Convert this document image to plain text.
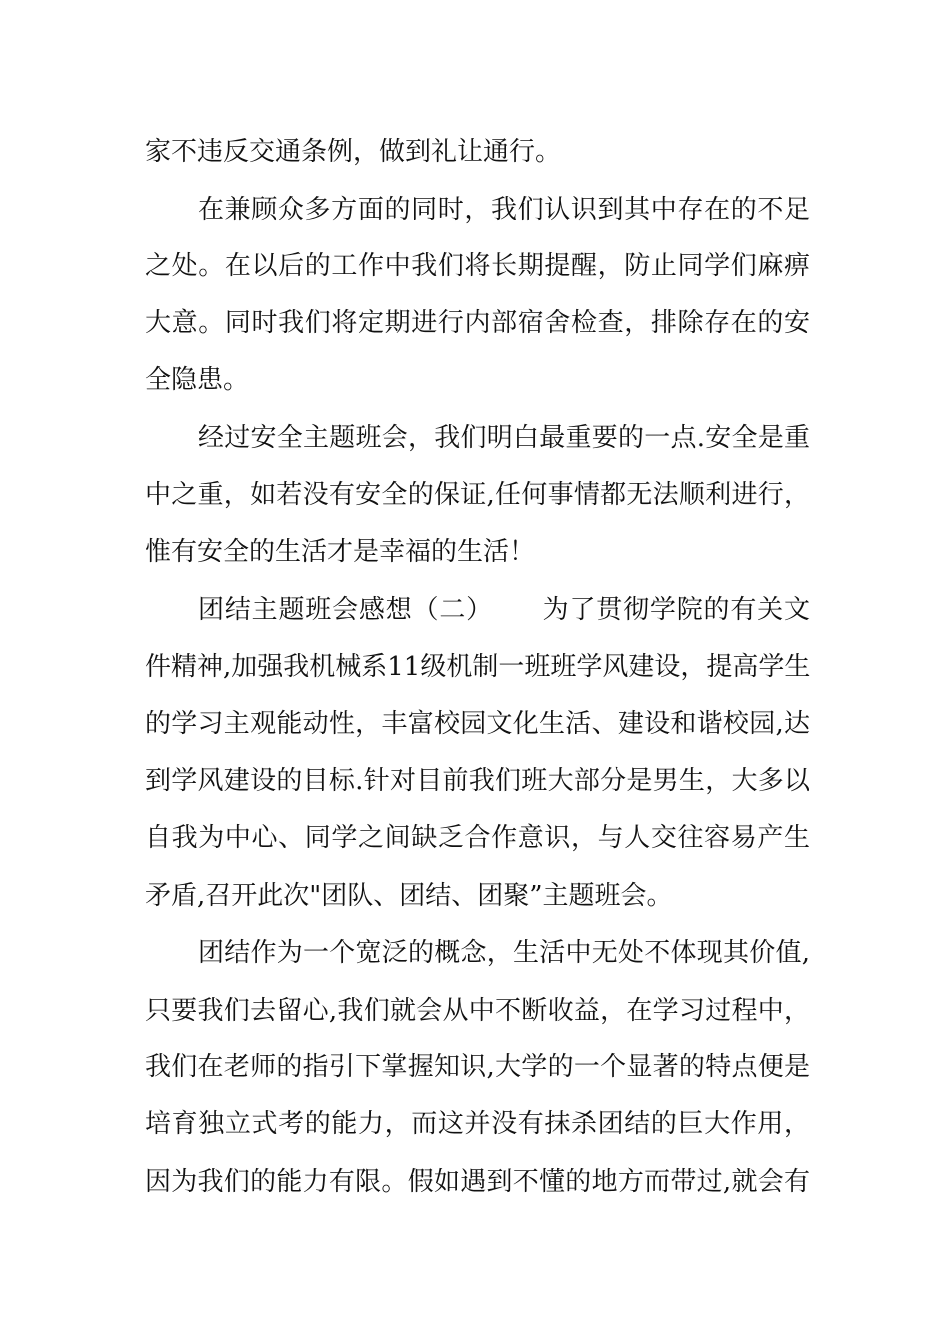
家不违反交通条例，做到礼让通行。
在兼顾众多方面的同时，我们认识到其中存在的不足
之处。在以后的工作中我们将长期提醒，防止同学们麻痹
大意。同时我们将定期进行内部宿舍检查，排除存在的安
全隐患。
经过安全主题班会，我们明白最重要的一点.安全是重
中之重，如若没有安全的保证,任何事情都无法顺利进行，
惟有安全的生活才是幸福的生活！
团结主题班会感想（二）　　 为了贯彻学院的有关文
件精神,加强我机械系11级机制一班班学风建设，提高学生
的学习主观能动性，丰富校园文化生活、建设和谐校园,达
到学风建设的目标.针对目前我们班大部分是男生，大多以
自我为中心、同学之间缺乏合作意识，与人交往容易产生
矛盾,召开此次"团队、团结、团聚”主题班会。
团结作为一个宽泛的概念，生活中无处不体现其价值,
只要我们去留心,我们就会从中不断收益，在学习过程中，
我们在老师的指引下掌握知识,大学的一个显著的特点便是
培育独立式考的能力，而这并没有抹杀团结的巨大作用，
因为我们的能力有限。假如遇到不懂的地方而带过,就会有
